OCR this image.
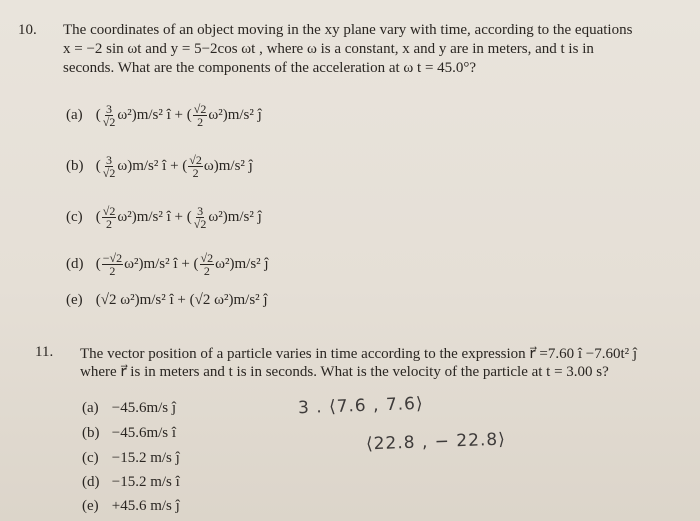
10. The coordinates of an object moving in the xy plane vary with time, according to the equations
x = −2 sin ωt and y = 5−2cos ωt , where ω is a constant, x and y are in meters, and t is in
seconds. What are the components of the acceleration at ω t = 45.0°?
(a) ( $\frac{3}{√2} \omega^2)m/s^2$ î + ( $\frac{√2}{2} \omega^2)m/s^2$ ĵ
(b) ( $\frac{3}{√2} \omega)m/s^2$ î + ( $\frac{√2}{2} \omega)m/s^2$ ĵ
(c) ( $\frac{√2}{2} \omega^2)m/s^2$ î + ( $\frac{3}{√2} \omega^2)m/s^2$ ĵ
(d) ( $\frac{-√2}{2} \omega^2)m/s^2$ î + ( $\frac{√2}{2} \omega^2)m/s^2$ ĵ
(e) (√2 ω²)m/s² î + (√2 ω²)m/s² ĵ
11. The vector position of a particle varies in time according to the expression r⃗ =7.60 î −7.60t² ĵ
where r⃗ is in meters and t is in seconds. What is the velocity of the particle at t = 3.00 s?
(a) −45.6m/s ĵ
(b) −45.6m/s î
(c) −15.2 m/s ĵ
(d) −15.2 m/s î
(e) +45.6 m/s ĵ
3 . ⟨7.6 , 7.6⟩
⟨22.8 , − 22.8⟩
